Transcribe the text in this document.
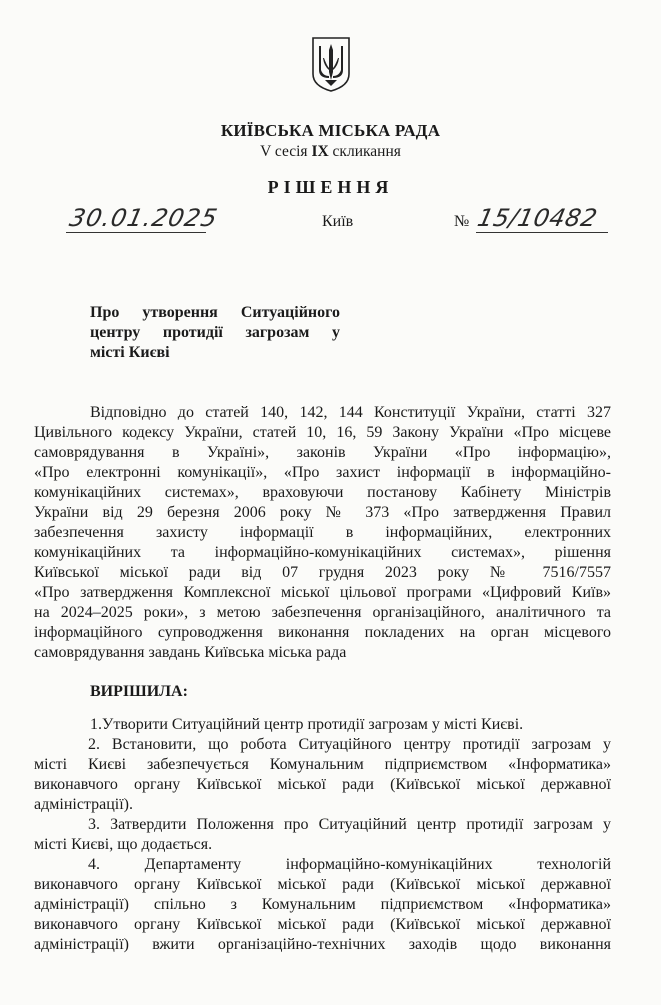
КИЇВСЬКА МІСЬКА РАДА
V сесія IX скликання
РІШЕННЯ
30.01.2025	Київ	№ 15/10482
Про утворення Ситуаційного
центру протидії загрозам у
місті Києві
Відповідно до статей 140, 142, 144 Конституції України, статті 327
Цивільного кодексу України, статей 10, 16, 59 Закону України «Про місцеве
самоврядування в Україні», законів України «Про інформацію»,
«Про електронні комунікації», «Про захист інформації в інформаційно-
комунікаційних системах», враховуючи постанову Кабінету Міністрів
України від 29 березня 2006 року № 373 «Про затвердження Правил
забезпечення захисту інформації в інформаційних, електронних
комунікаційних та інформаційно-комунікаційних системах», рішення
Київської міської ради від 07 грудня 2023 року № 7516/7557
«Про затвердження Комплексної міської цільової програми «Цифровий Київ»
на 2024–2025 роки», з метою забезпечення організаційного, аналітичного та
інформаційного супроводження виконання покладених на орган місцевого
самоврядування завдань Київська міська рада
ВИРІШИЛА:
1.Утворити Ситуаційний центр протидії загрозам у місті Києві.
2. Встановити, що робота Ситуаційного центру протидії загрозам у
місті Києві забезпечується Комунальним підприємством «Інформатика»
виконавчого органу Київської міської ради (Київської міської державної
адміністрації).
3. Затвердити Положення про Ситуаційний центр протидії загрозам у
місті Києві, що додається.
4. Департаменту інформаційно-комунікаційних технологій
виконавчого органу Київської міської ради (Київської міської державної
адміністрації) спільно з Комунальним підприємством «Інформатика»
виконавчого органу Київської міської ради (Київської міської державної
адміністрації) вжити організаційно-технічних заходів щодо виконання
